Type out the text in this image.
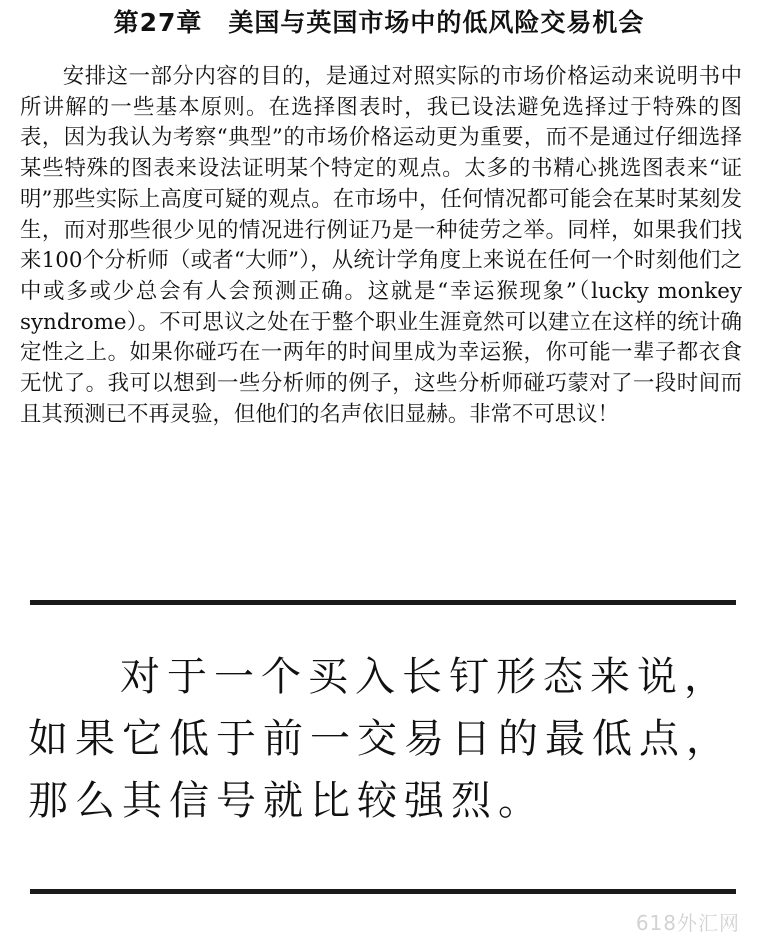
第27章　美国与英国市场中的低风险交易机会

安排这一部分内容的目的，是通过对照实际的市场价格运动来说明书中所讲解的一些基本原则。在选择图表时，我已设法避免选择过于特殊的图表，因为我认为考察“典型”的市场价格运动更为重要，而不是通过仔细选择某些特殊的图表来设法证明某个特定的观点。太多的书精心挑选图表来“证明”那些实际上高度可疑的观点。在市场中，任何情况都可能会在某时某刻发生，而对那些很少见的情况进行例证乃是一种徒劳之举。同样，如果我们找来100个分析师（或者“大师”），从统计学角度上来说在任何一个时刻他们之中或多或少总会有人会预测正确。这就是“幸运猴现象”（lucky monkey syndrome）。不可思议之处在于整个职业生涯竟然可以建立在这样的统计确定性之上。如果你碰巧在一两年的时间里成为幸运猴，你可能一辈子都衣食无忧了。我可以想到一些分析师的例子，这些分析师碰巧蒙对了一段时间而且其预测已不再灵验，但他们的名声依旧显赫。非常不可思议！

对于一个买入长钉形态来说，
如果它低于前一交易日的最低点，
那么其信号就比较强烈。
618外汇网
